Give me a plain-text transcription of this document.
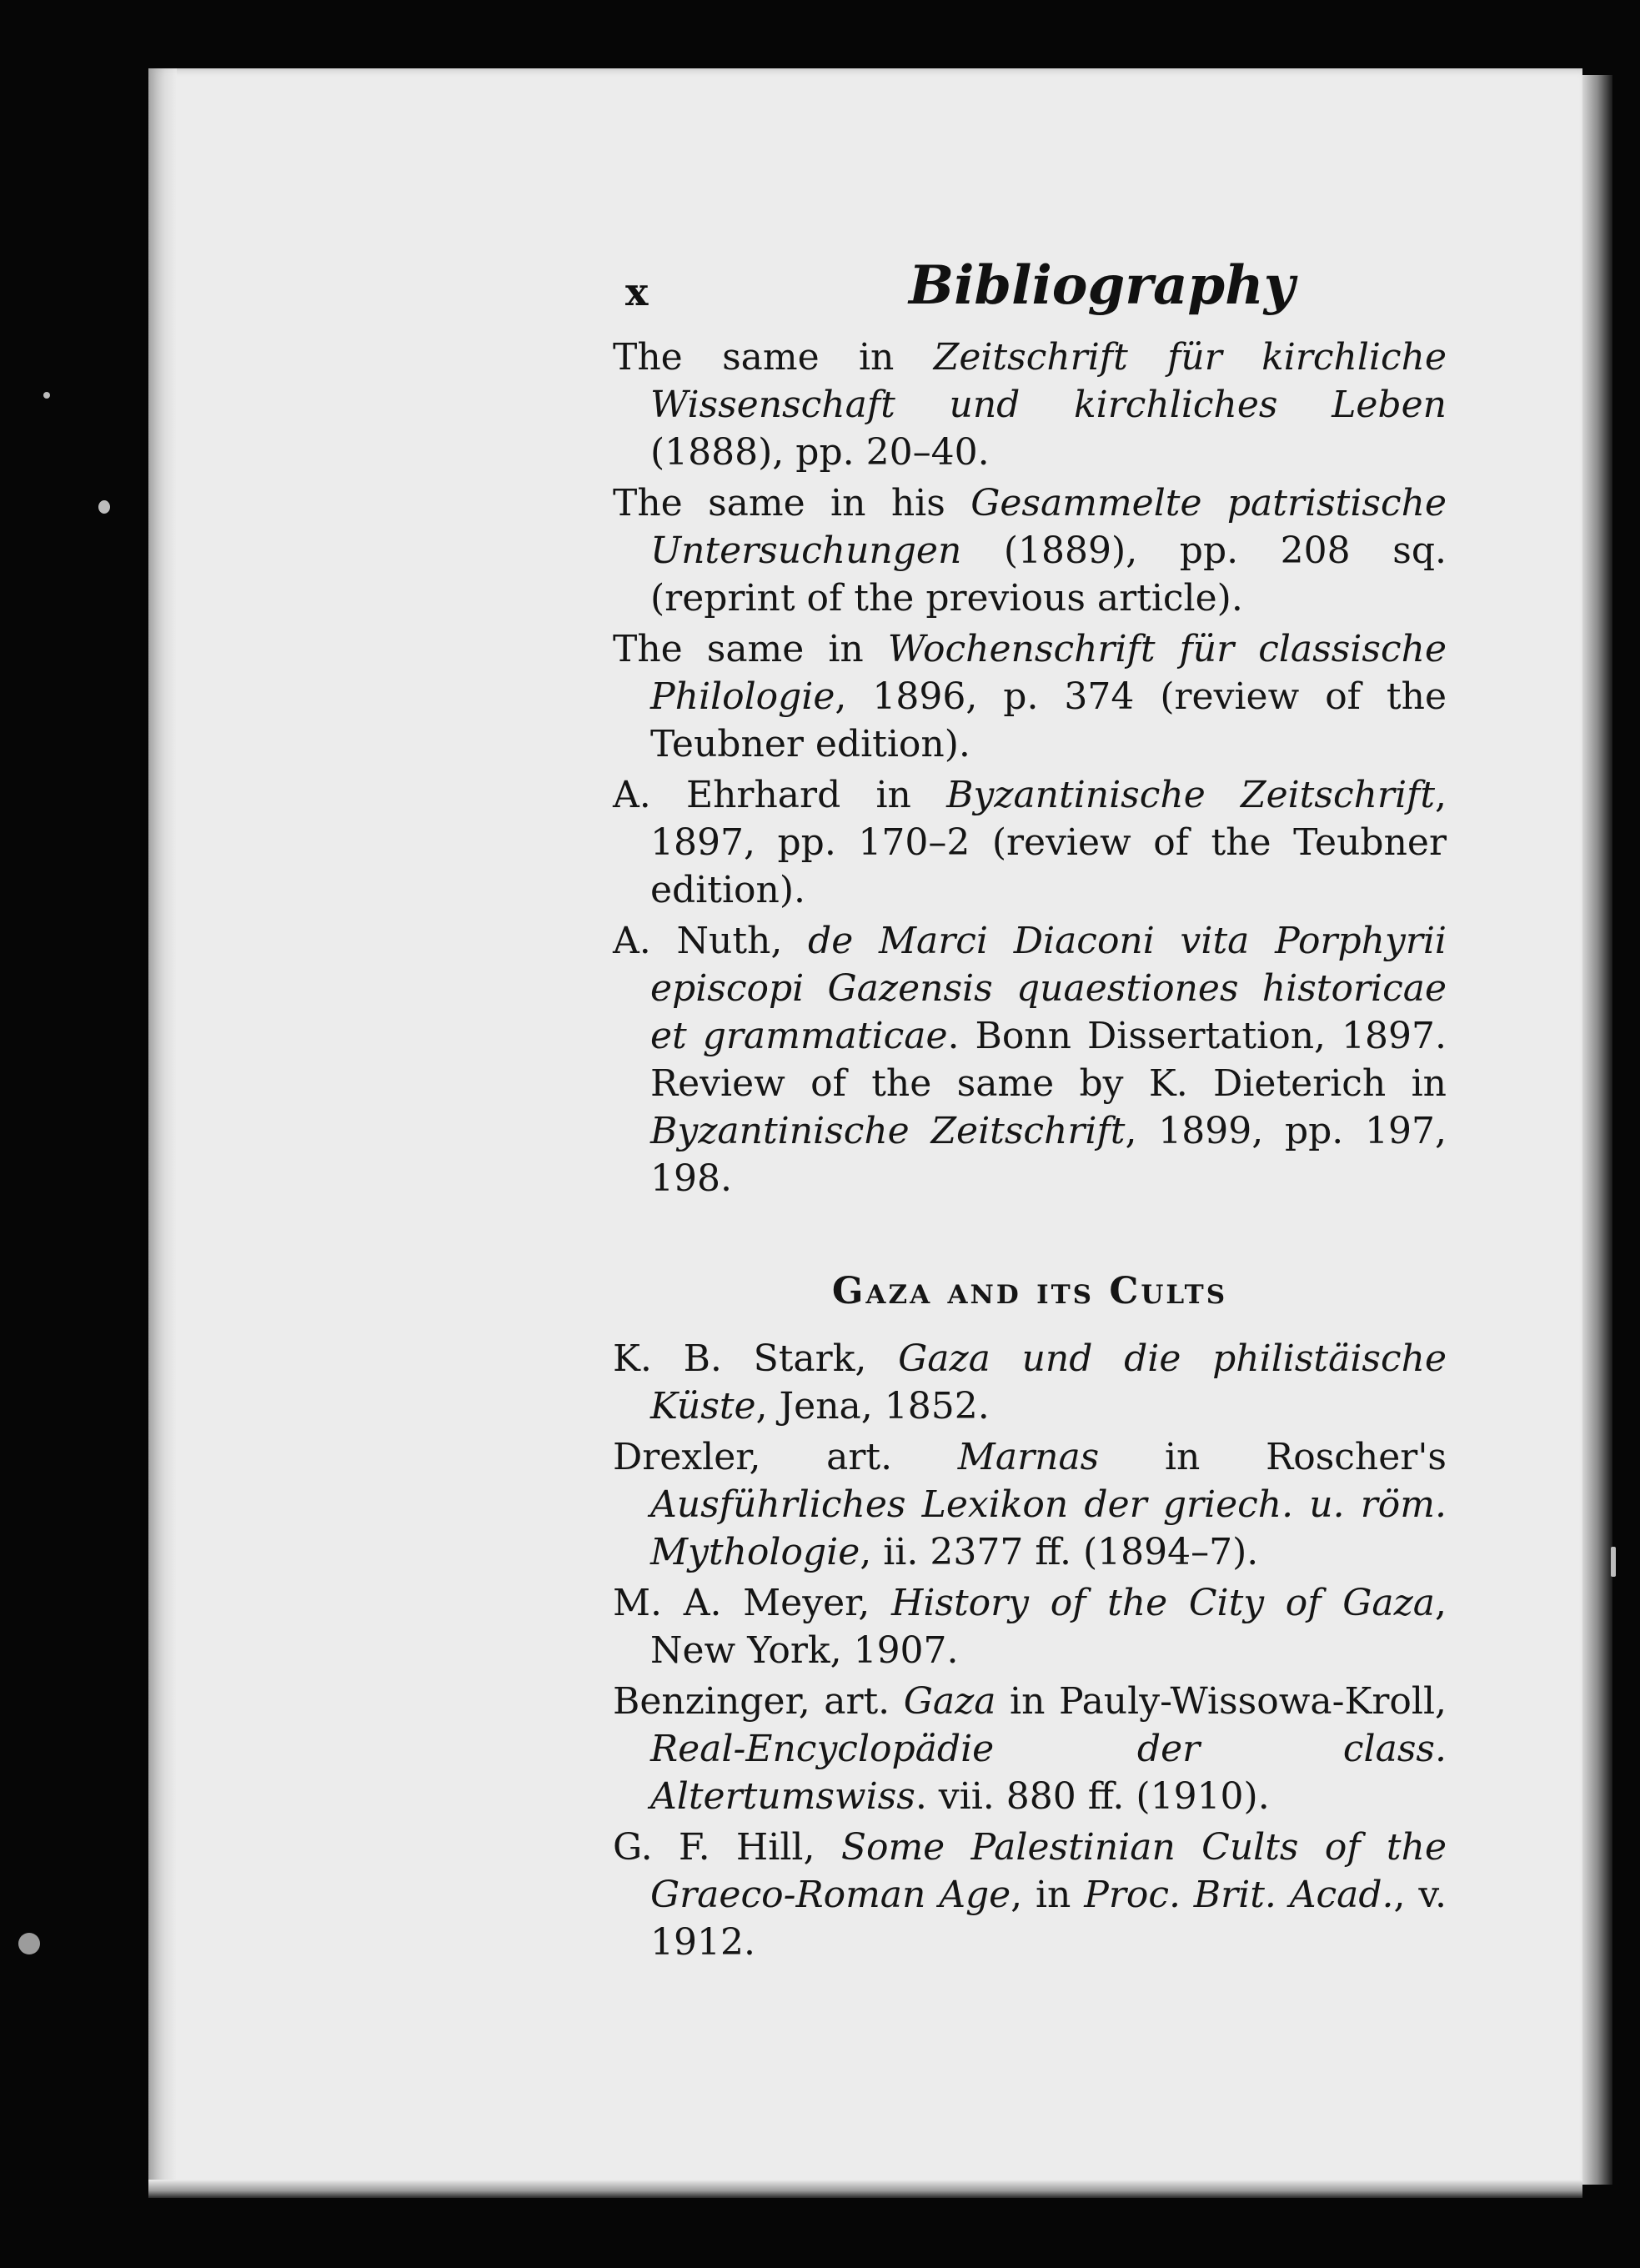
x	Bibliography

The same in Zeitschrift für kirchliche Wissenschaft und kirchliches Leben (1888), pp. 20–40.

The same in his Gesammelte patristische Untersuchungen (1889), pp. 208 sq. (reprint of the previous article).

The same in Wochenschrift für classische Philologie, 1896, p. 374 (review of the Teubner edition).

A. Ehrhard in Byzantinische Zeitschrift, 1897, pp. 170–2 (review of the Teubner edition).

A. Nuth, de Marci Diaconi vita Porphyrii episcopi Gazensis quaestiones historicae et grammaticae. Bonn Dissertation, 1897. Review of the same by K. Dieterich in Byzantinische Zeitschrift, 1899, pp. 197, 198.

Gaza and its Cults

K. B. Stark, Gaza und die philistäische Küste, Jena, 1852.

Drexler, art. Marnas in Roscher's Ausführliches Lexikon der griech. u. röm. Mythologie, ii. 2377 ff. (1894–7).

M. A. Meyer, History of the City of Gaza, New York, 1907.

Benzinger, art. Gaza in Pauly-Wissowa-Kroll, Real-Encyclopädie der class. Altertumswiss. vii. 880 ff. (1910).

G. F. Hill, Some Palestinian Cults of the Graeco-Roman Age, in Proc. Brit. Acad., v. 1912.
